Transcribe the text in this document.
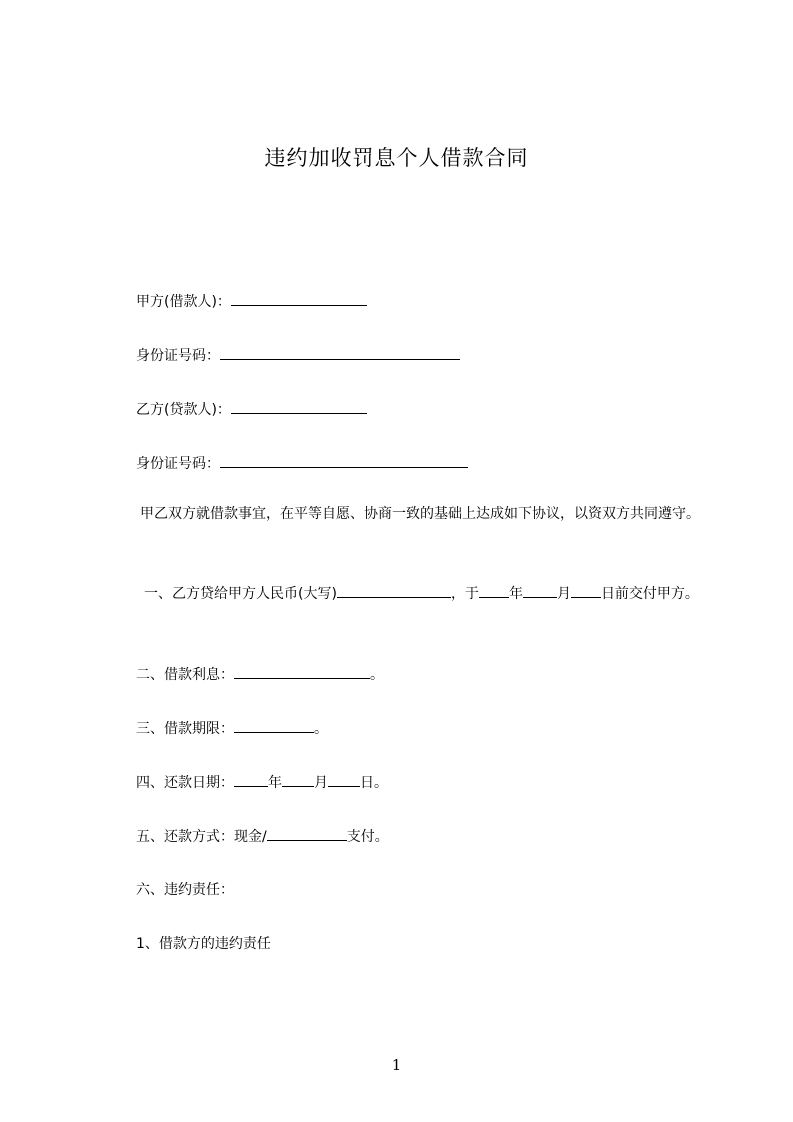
违约加收罚息个人借款合同
甲方(借款人)：
身份证号码：
乙方(贷款人)：
身份证号码：
甲乙双方就借款事宜，在平等自愿、协商一致的基础上达成如下协议，以资双方共同遵守。
一、乙方贷给甲方人民币(大写)	，于 年 月 日前交付甲方。
二、借款利息：	。
三、借款期限：	。
四、还款日期： 年 月 日。
五、还款方式：现金/	支付。
六、违约责任：
1、借款方的违约责任
1
